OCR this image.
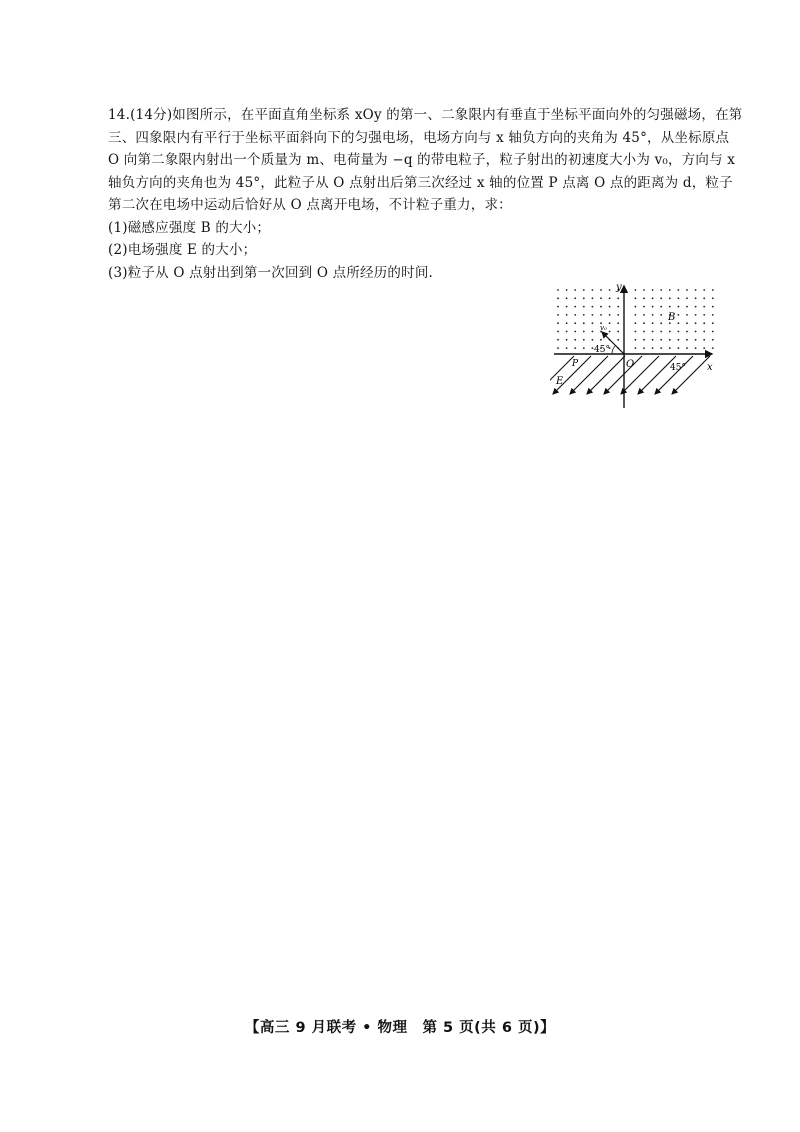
14.(14分)如图所示，在平面直角坐标系 xOy 的第一、二象限内有垂直于坐标平面向外的匀强磁场，在第
三、四象限内有平行于坐标平面斜向下的匀强电场，电场方向与 x 轴负方向的夹角为 45°，从坐标原点
O 向第二象限内射出一个质量为 m、电荷量为 −q 的带电粒子，粒子射出的初速度大小为 v₀，方向与 x
轴负方向的夹角也为 45°，此粒子从 O 点射出后第三次经过 x 轴的位置 P 点离 O 点的距离为 d，粒子
第二次在电场中运动后恰好从 O 点离开电场，不计粒子重力，求：
(1)磁感应强度 B 的大小；
(2)电场强度 E 的大小；
(3)粒子从 O 点射出到第一次回到 O 点所经历的时间.
x
y
O
B
E
P
v₀
45°
45°
【高三 9 月联考 • 物理　第 5 页(共 6 页)】
